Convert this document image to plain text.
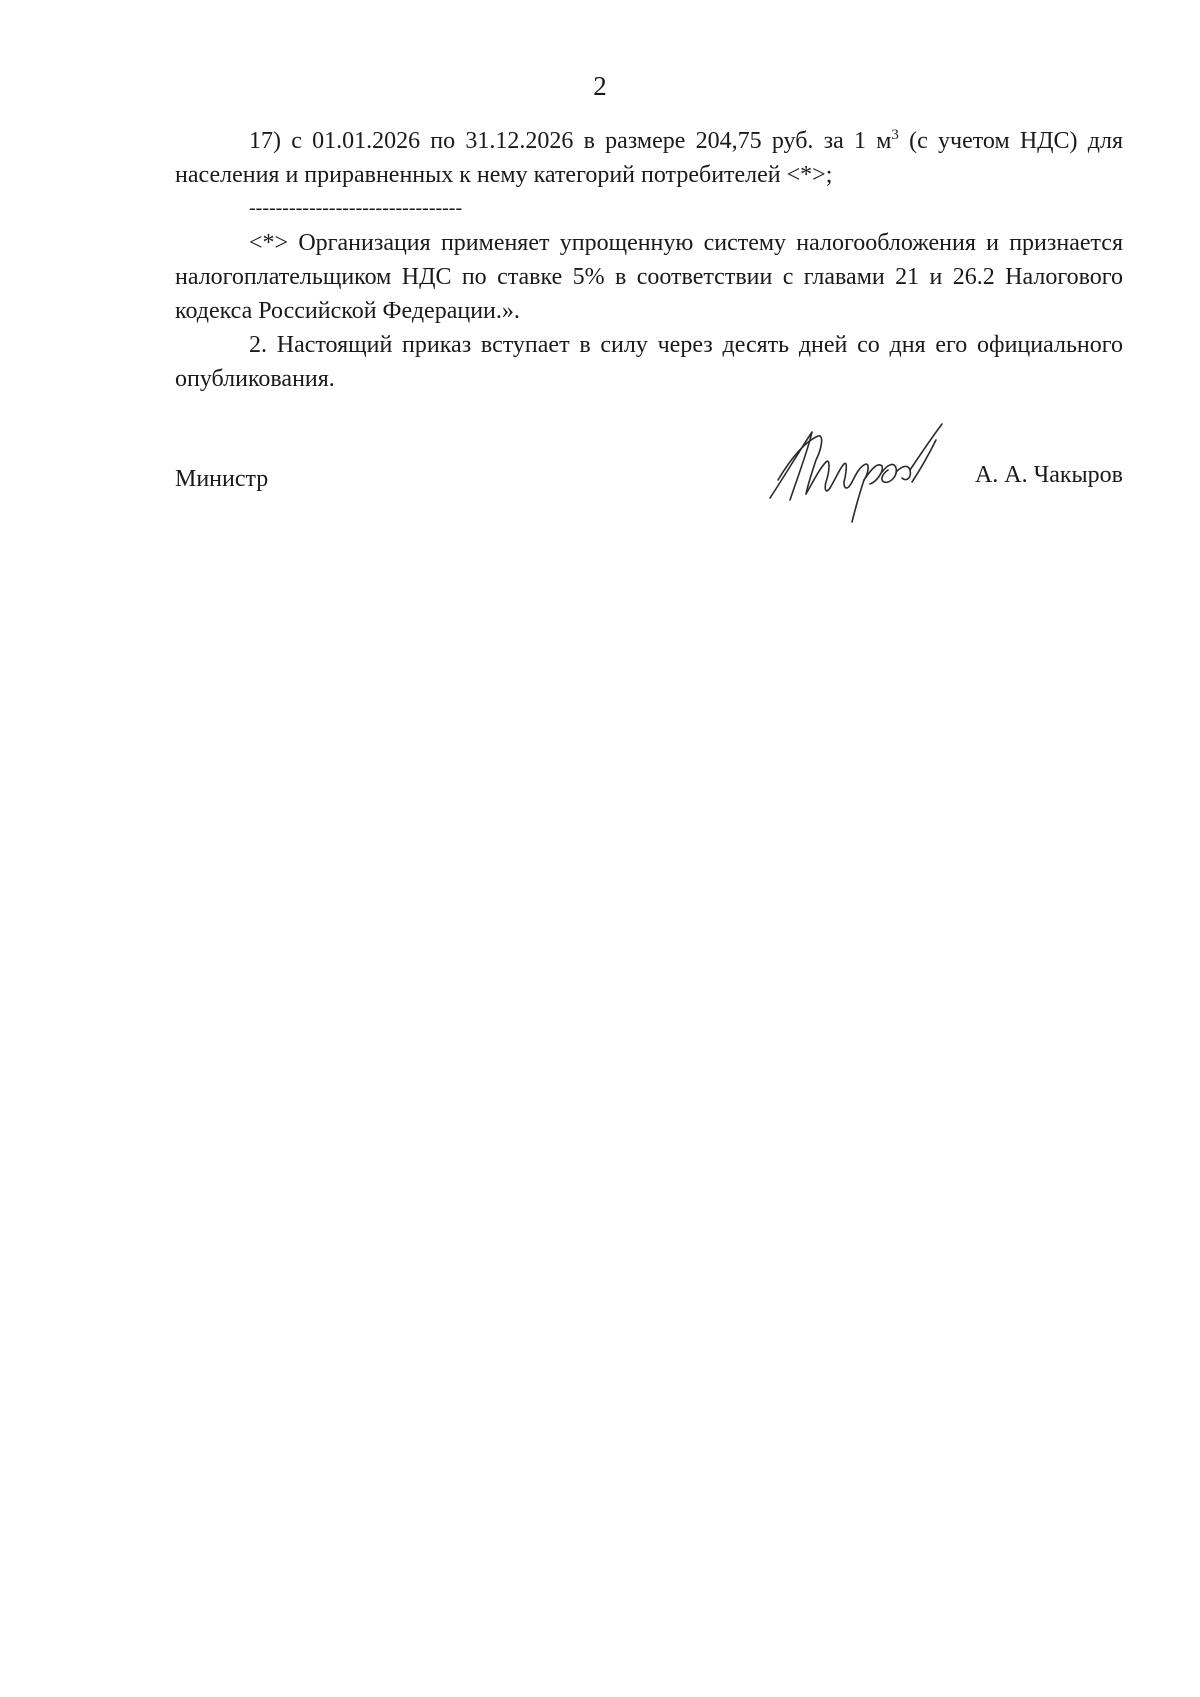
2

17) с 01.01.2026 по 31.12.2026 в размере 204,75 руб. за 1 $м^3$ (с учетом НДС) для населения и приравненных к нему категорий потребителей <*>;

--------------------------------

<*> Организация применяет упрощенную систему налогообложения и признается налогоплательщиком НДС по ставке 5% в соответствии с главами 21 и 26.2 Налогового кодекса Российской Федерации.».

2. Настоящий приказ вступает в силу через десять дней со дня его официального опубликования.

Министр	А. А. Чакыров
